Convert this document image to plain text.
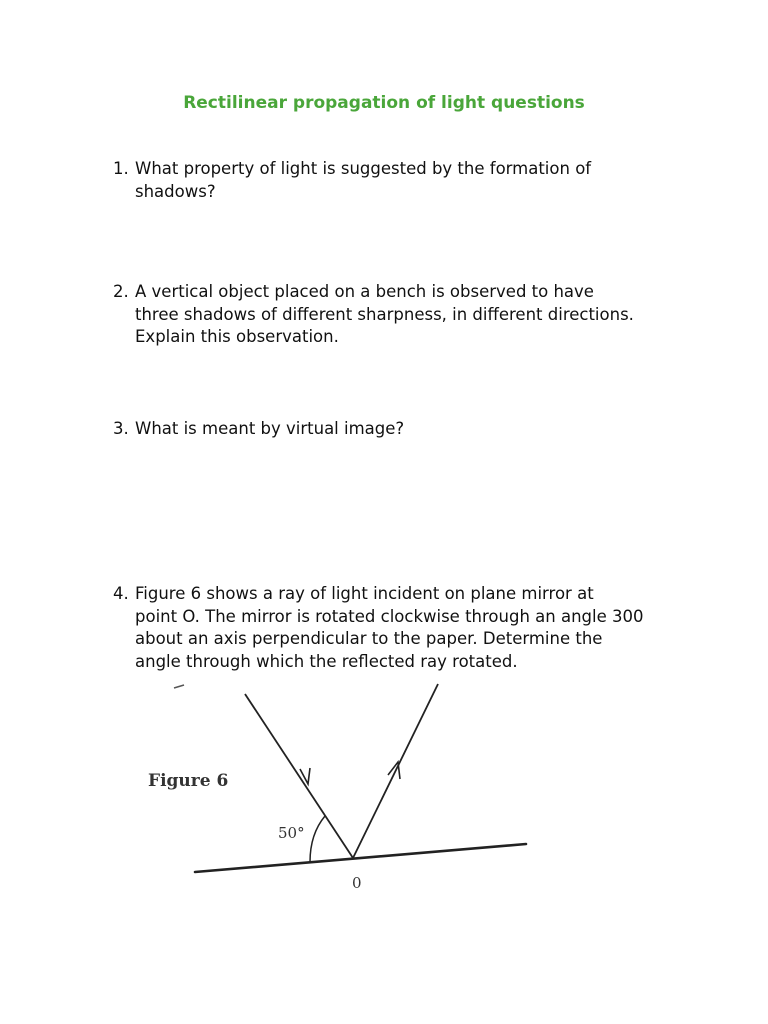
Rectilinear propagation of light questions
1. What property of light is suggested by the formation of
shadows?
2. A vertical object placed on a bench is observed to have
three shadows of different sharpness, in different directions.
Explain this observation.
3. What is meant by virtual image?
4. Figure 6 shows a ray of light incident on plane mirror at
point O. The mirror is rotated clockwise through an angle 300
about an axis perpendicular to the paper. Determine the
angle through which the reflected ray rotated.
Figure 6
50°
0
